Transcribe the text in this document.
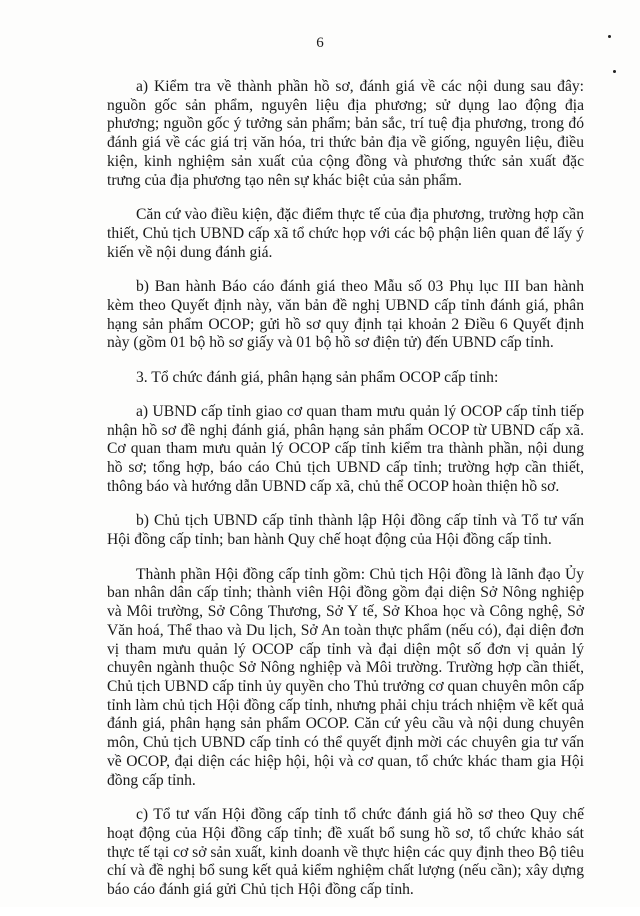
6

a) Kiểm tra về thành phần hồ sơ, đánh giá về các nội dung sau đây: nguồn gốc sản phẩm, nguyên liệu địa phương; sử dụng lao động địa phương; nguồn gốc ý tưởng sản phẩm; bản sắc, trí tuệ địa phương, trong đó đánh giá về các giá trị văn hóa, tri thức bản địa về giống, nguyên liệu, điều kiện, kinh nghiệm sản xuất của cộng đồng và phương thức sản xuất đặc trưng của địa phương tạo nên sự khác biệt của sản phẩm.

Căn cứ vào điều kiện, đặc điểm thực tế của địa phương, trường hợp cần thiết, Chủ tịch UBND cấp xã tổ chức họp với các bộ phận liên quan để lấy ý kiến về nội dung đánh giá.

b) Ban hành Báo cáo đánh giá theo Mẫu số 03 Phụ lục III ban hành kèm theo Quyết định này, văn bản đề nghị UBND cấp tỉnh đánh giá, phân hạng sản phẩm OCOP; gửi hồ sơ quy định tại khoản 2 Điều 6 Quyết định này (gồm 01 bộ hồ sơ giấy và 01 bộ hồ sơ điện tử) đến UBND cấp tỉnh.

3. Tổ chức đánh giá, phân hạng sản phẩm OCOP cấp tỉnh:

a) UBND cấp tỉnh giao cơ quan tham mưu quản lý OCOP cấp tỉnh tiếp nhận hồ sơ đề nghị đánh giá, phân hạng sản phẩm OCOP từ UBND cấp xã. Cơ quan tham mưu quản lý OCOP cấp tỉnh kiểm tra thành phần, nội dung hồ sơ; tổng hợp, báo cáo Chủ tịch UBND cấp tỉnh; trường hợp cần thiết, thông báo và hướng dẫn UBND cấp xã, chủ thể OCOP hoàn thiện hồ sơ.

b) Chủ tịch UBND cấp tỉnh thành lập Hội đồng cấp tỉnh và Tổ tư vấn Hội đồng cấp tỉnh; ban hành Quy chế hoạt động của Hội đồng cấp tỉnh.

Thành phần Hội đồng cấp tỉnh gồm: Chủ tịch Hội đồng là lãnh đạo Ủy ban nhân dân cấp tỉnh; thành viên Hội đồng gồm đại diện Sở Nông nghiệp và Môi trường, Sở Công Thương, Sở Y tế, Sở Khoa học và Công nghệ, Sở Văn hoá, Thể thao và Du lịch, Sở An toàn thực phẩm (nếu có), đại diện đơn vị tham mưu quản lý OCOP cấp tỉnh và đại diện một số đơn vị quản lý chuyên ngành thuộc Sở Nông nghiệp và Môi trường. Trường hợp cần thiết, Chủ tịch UBND cấp tỉnh ủy quyền cho Thủ trưởng cơ quan chuyên môn cấp tỉnh làm chủ tịch Hội đồng cấp tỉnh, nhưng phải chịu trách nhiệm về kết quả đánh giá, phân hạng sản phẩm OCOP. Căn cứ yêu cầu và nội dung chuyên môn, Chủ tịch UBND cấp tỉnh có thể quyết định mời các chuyên gia tư vấn về OCOP, đại diện các hiệp hội, hội và cơ quan, tổ chức khác tham gia Hội đồng cấp tỉnh.

c) Tổ tư vấn Hội đồng cấp tỉnh tổ chức đánh giá hồ sơ theo Quy chế hoạt động của Hội đồng cấp tỉnh; đề xuất bổ sung hồ sơ, tổ chức khảo sát thực tế tại cơ sở sản xuất, kinh doanh về thực hiện các quy định theo Bộ tiêu chí và đề nghị bổ sung kết quả kiểm nghiệm chất lượng (nếu cần); xây dựng báo cáo đánh giá gửi Chủ tịch Hội đồng cấp tỉnh.
